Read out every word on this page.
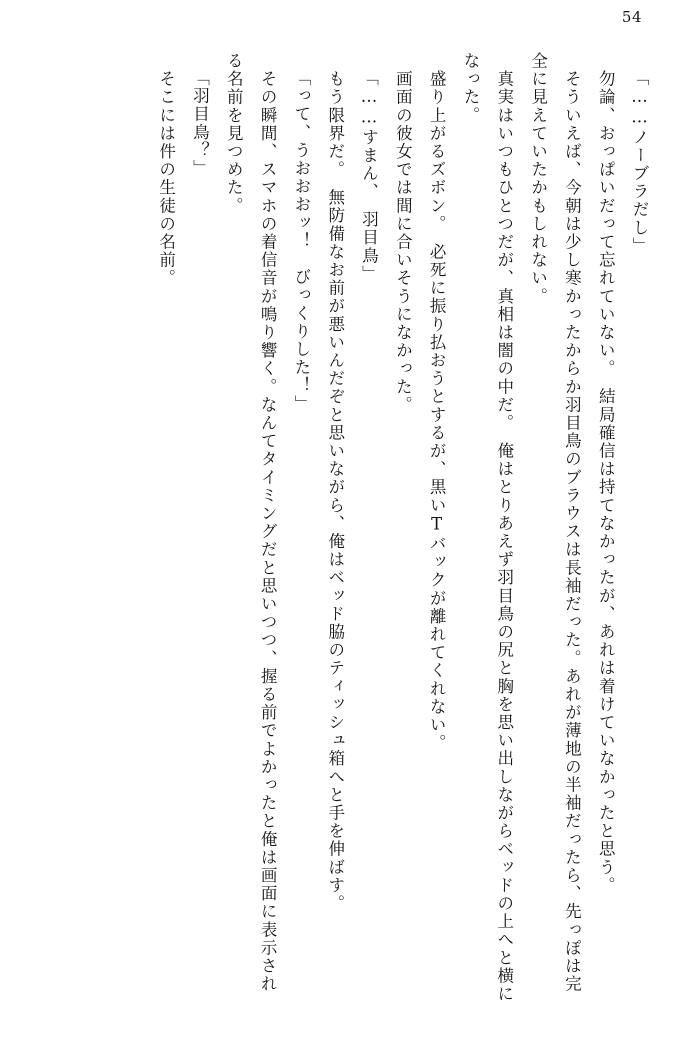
54
「……ノーブラだし」
　勿論、おっぱいだって忘れていない。　結局確信は持てなかったが、あれは着けていなかったと思う。
　そういえば、今朝は少し寒かったからか羽目鳥のブラウスは長袖だった。あれが薄地の半袖だったら、先っぽは完全に見えていたかもしれない。
　真実はいつもひとつだが、真相は闇の中だ。　俺はとりあえず羽目鳥の尻と胸を思い出しながらベッドの上へと横になった。
　盛り上がるズボン。　必死に振り払おうとするが、黒いTバックが離れてくれない。
　画面の彼女では間に合いそうになかった。
「……すまん、　羽目鳥」
　もう限界だ。　無防備なお前が悪いんだぞと思いながら、俺はベッド脇のティッシュ箱へと手を伸ばす。
「って、うおおおッ！　びっくりした！」
　その瞬間、スマホの着信音が鳴り響く。なんてタイミングだと思いつつ、握る前でよかったと俺は画面に表示される名前を見つめた。
「羽目鳥？」
　そこには件の生徒の名前。
